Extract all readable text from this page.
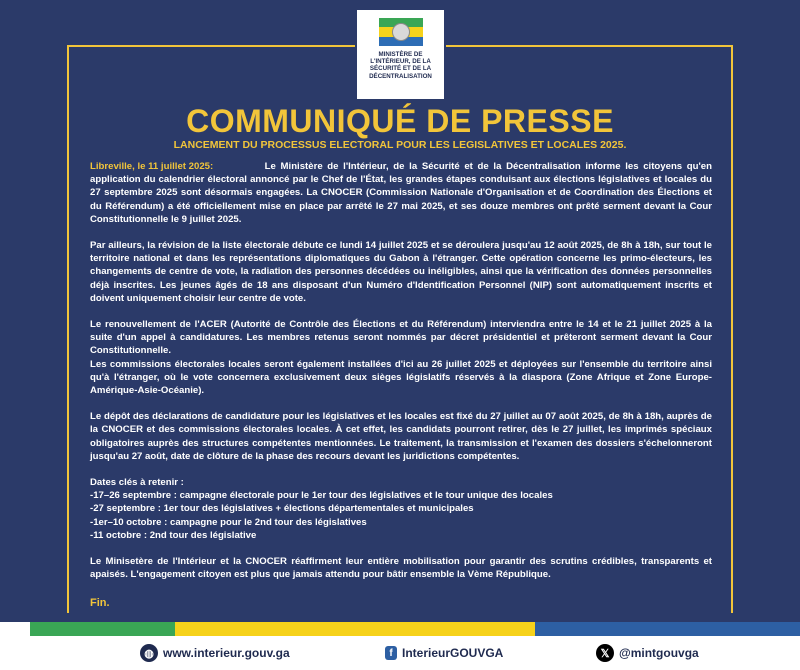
MINISTÈRE DE L'INTÉRIEUR, DE LA SÉCURITÉ ET DE LA DÉCENTRALISATION
COMMUNIQUÉ DE PRESSE
LANCEMENT DU PROCESSUS ELECTORAL POUR LES LEGISLATIVES ET LOCALES 2025.

Libreville, le 11 juillet 2025:	Le Ministère de l'Intérieur, de la Sécurité et de la Décentralisation informe les citoyens qu'en application du calendrier électoral annoncé par le Chef de l'État, les grandes étapes conduisant aux élections législatives et locales du 27 septembre 2025 sont désormais engagées. La CNOCER (Commission Nationale d'Organisation et de Coordination des Élections et du Référendum) a été officiellement mise en place par arrêté le 27 mai 2025, et ses douze membres ont prêté serment devant la Cour Constitutionnelle le 9 juillet 2025.

Par ailleurs, la révision de la liste électorale débute ce lundi 14 juillet 2025 et se déroulera jusqu'au 12 août 2025, de 8h à 18h, sur tout le territoire national et dans les représentations diplomatiques du Gabon à l'étranger. Cette opération concerne les primo-électeurs, les changements de centre de vote, la radiation des personnes décédées ou inéligibles, ainsi que la vérification des données personnelles déjà inscrites. Les jeunes âgés de 18 ans disposant d'un Numéro d'Identification Personnel (NIP) sont automatiquement inscrits et doivent uniquement choisir leur centre de vote.

Le renouvellement de l'ACER (Autorité de Contrôle des Élections et du Référendum) interviendra entre le 14 et le 21 juillet 2025 à la suite d'un appel à candidatures. Les membres retenus seront nommés par décret présidentiel et prêteront serment devant la Cour Constitutionnelle.

Les commissions électorales locales seront également installées d'ici au 26 juillet 2025 et déployées sur l'ensemble du territoire ainsi qu'à l'étranger, où le vote concernera exclusivement deux sièges législatifs réservés à la diaspora (Zone Afrique et Zone Europe-Amérique-Asie-Océanie).

Le dépôt des déclarations de candidature pour les législatives et les locales est fixé du 27 juillet au 07 août 2025, de 8h à 18h, auprès de la CNOCER et des commissions électorales locales. À cet effet, les candidats pourront retirer, dès le 27 juillet, les imprimés spéciaux obligatoires auprès des structures compétentes mentionnées. Le traitement, la transmission et l'examen des dossiers s'échelonneront jusqu'au 27 août, date de clôture de la phase des recours devant les juridictions compétentes.

Dates clés à retenir :
-17–26 septembre : campagne électorale pour le 1er tour des législatives et le tour unique des locales
-27 septembre : 1er tour des législatives + élections départementales et municipales
-1er–10 octobre : campagne pour le 2nd tour des législatives
-11 octobre : 2nd tour des législative

Le Minisetère de l'Intérieur et la CNOCER réaffirment leur entière mobilisation pour garantir des scrutins crédibles, transparents et apaisés. L'engagement citoyen est plus que jamais attendu pour bâtir ensemble la Vème République.

Fin.
◍ www.interieur.gouv.ga	f InterieurGOUVGA	𝕏 @mintgouvga
